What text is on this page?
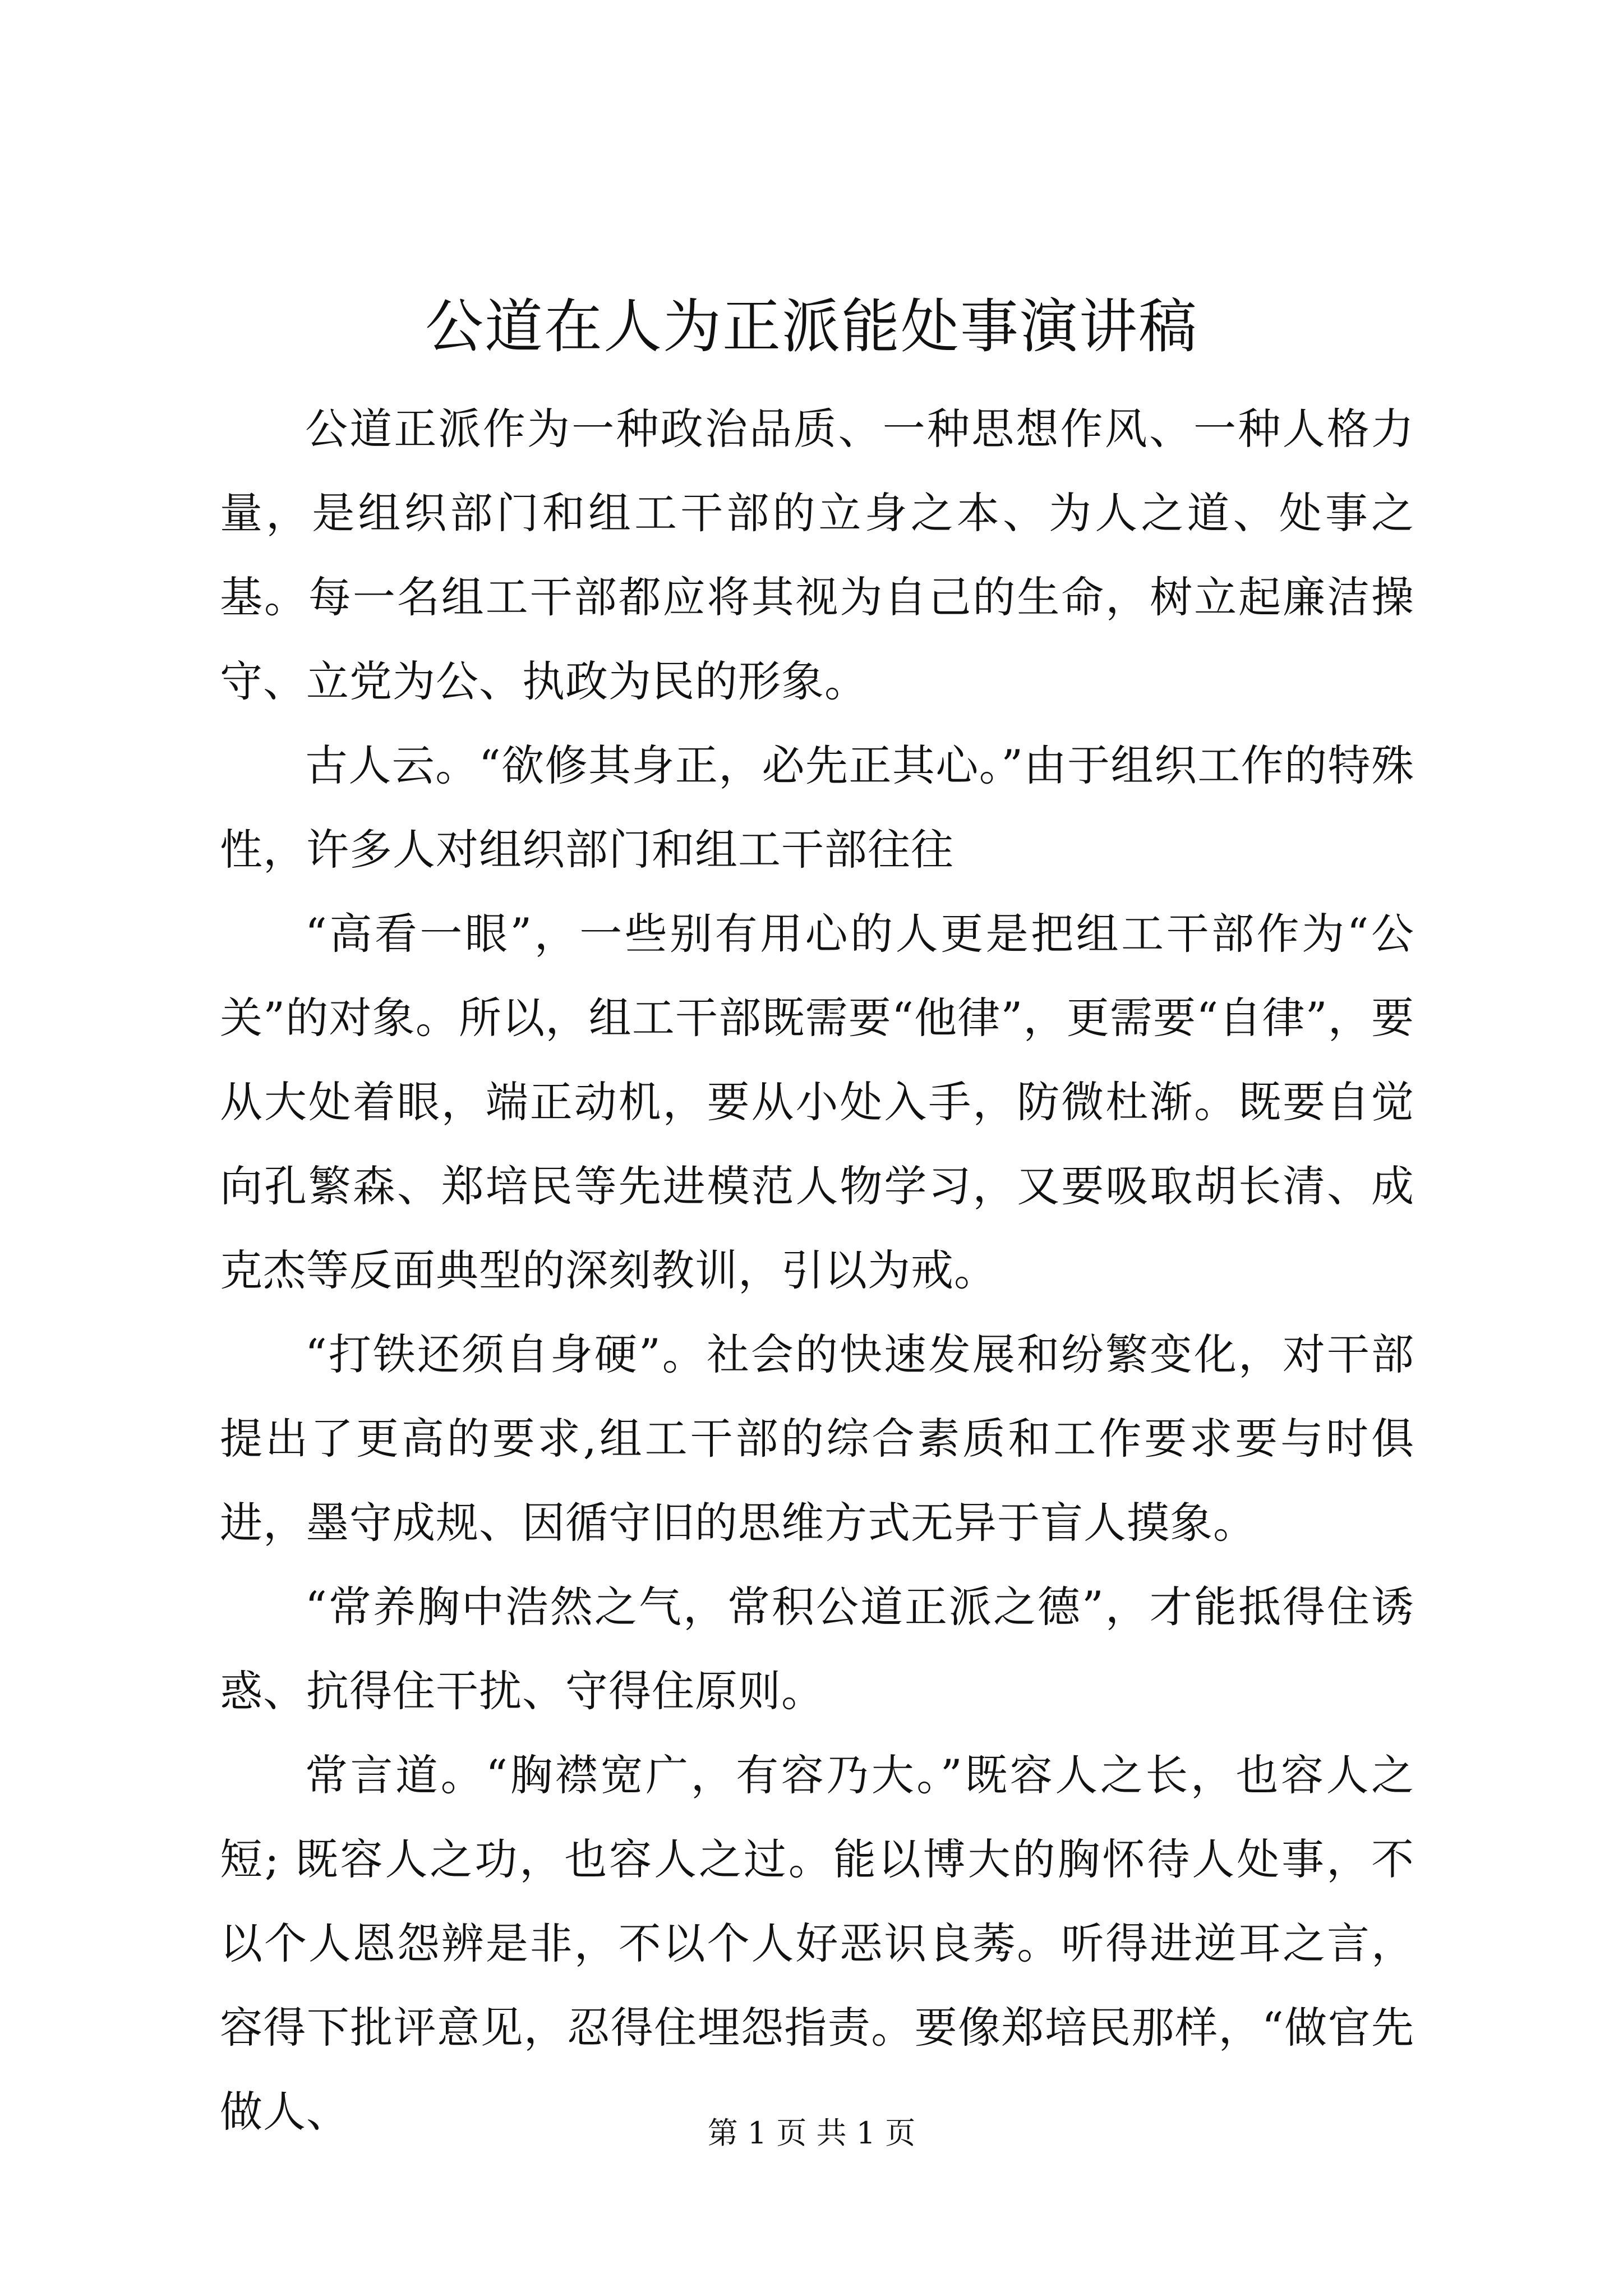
公道在人为正派能处事演讲稿

公道正派作为一种政治品质、一种思想作风、一种人格力量，是组织部门和组工干部的立身之本、为人之道、处事之基。每一名组工干部都应将其视为自己的生命，树立起廉洁操守、立党为公、执政为民的形象。

古人云。“欲修其身正，必先正其心。”由于组织工作的特殊性，许多人对组织部门和组工干部往往

“高看一眼”，一些别有用心的人更是把组工干部作为“公关”的对象。所以，组工干部既需要“他律”，更需要“自律”，要从大处着眼，端正动机，要从小处入手，防微杜渐。既要自觉向孔繁森、郑培民等先进模范人物学习，又要吸取胡长清、成克杰等反面典型的深刻教训，引以为戒。

“打铁还须自身硬”。社会的快速发展和纷繁变化，对干部提出了更高的要求,组工干部的综合素质和工作要求要与时俱进，墨守成规、因循守旧的思维方式无异于盲人摸象。

“常养胸中浩然之气，常积公道正派之德”，才能抵得住诱惑、抗得住干扰、守得住原则。

常言道。“胸襟宽广，有容乃大。”既容人之长，也容人之短; 既容人之功，也容人之过。能以博大的胸怀待人处事，不以个人恩怨辨是非，不以个人好恶识良莠。听得进逆耳之言，容得下批评意见，忍得住埋怨指责。要像郑培民那样，“做官先做人、	第 1 页 共 1 页
